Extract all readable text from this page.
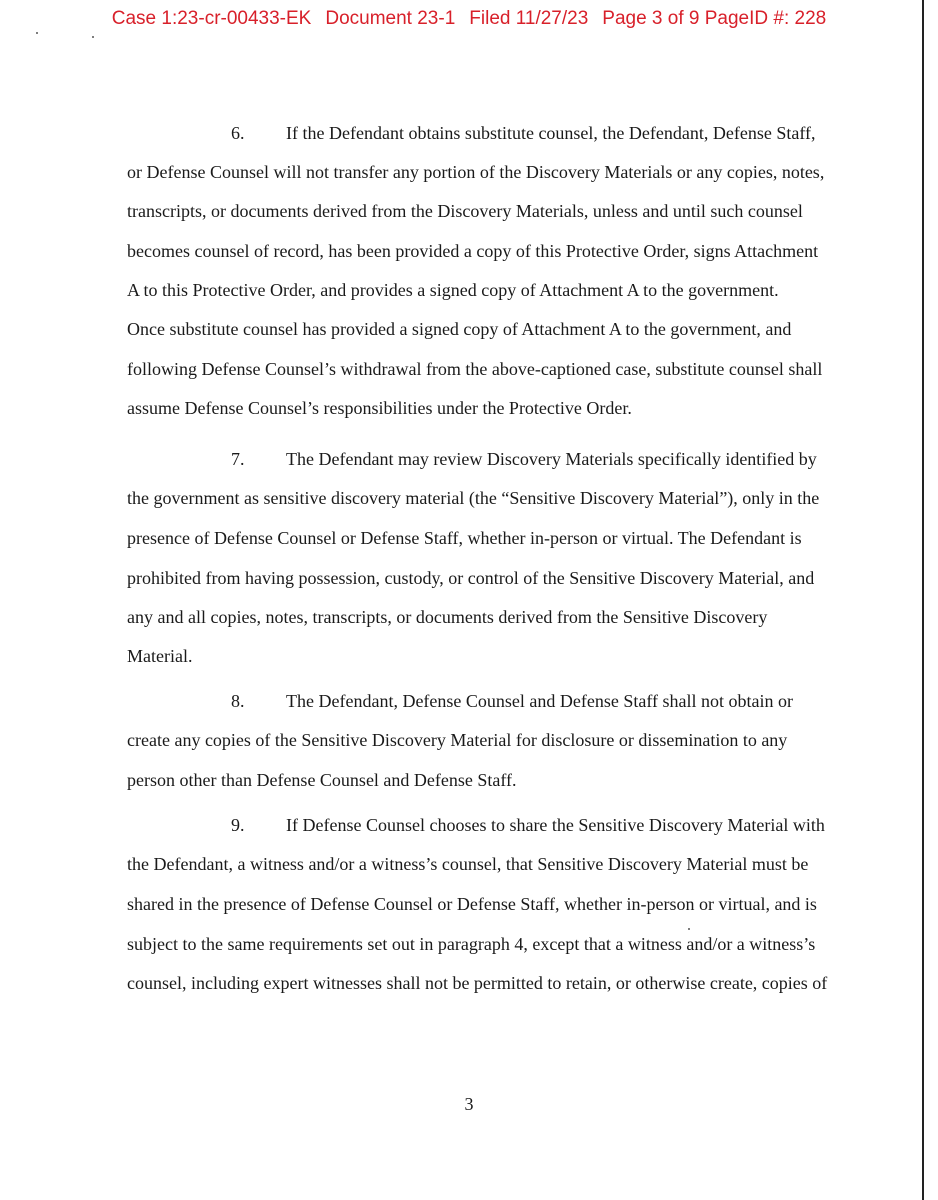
Case 1:23-cr-00433-EK Document 23-1 Filed 11/27/23 Page 3 of 9 PageID #: 228
6. If the Defendant obtains substitute counsel, the Defendant, Defense Staff,
or Defense Counsel will not transfer any portion of the Discovery Materials or any copies, notes,
transcripts, or documents derived from the Discovery Materials, unless and until such counsel
becomes counsel of record, has been provided a copy of this Protective Order, signs Attachment
A to this Protective Order, and provides a signed copy of Attachment A to the government.
Once substitute counsel has provided a signed copy of Attachment A to the government, and
following Defense Counsel’s withdrawal from the above-captioned case, substitute counsel shall
assume Defense Counsel’s responsibilities under the Protective Order.
7. The Defendant may review Discovery Materials specifically identified by
the government as sensitive discovery material (the “Sensitive Discovery Material”), only in the
presence of Defense Counsel or Defense Staff, whether in-person or virtual. The Defendant is
prohibited from having possession, custody, or control of the Sensitive Discovery Material, and
any and all copies, notes, transcripts, or documents derived from the Sensitive Discovery
Material.
8. The Defendant, Defense Counsel and Defense Staff shall not obtain or
create any copies of the Sensitive Discovery Material for disclosure or dissemination to any
person other than Defense Counsel and Defense Staff.
9. If Defense Counsel chooses to share the Sensitive Discovery Material with
the Defendant, a witness and/or a witness’s counsel, that Sensitive Discovery Material must be
shared in the presence of Defense Counsel or Defense Staff, whether in-person or virtual, and is
subject to the same requirements set out in paragraph 4, except that a witness and/or a witness’s
counsel, including expert witnesses shall not be permitted to retain, or otherwise create, copies of
3
